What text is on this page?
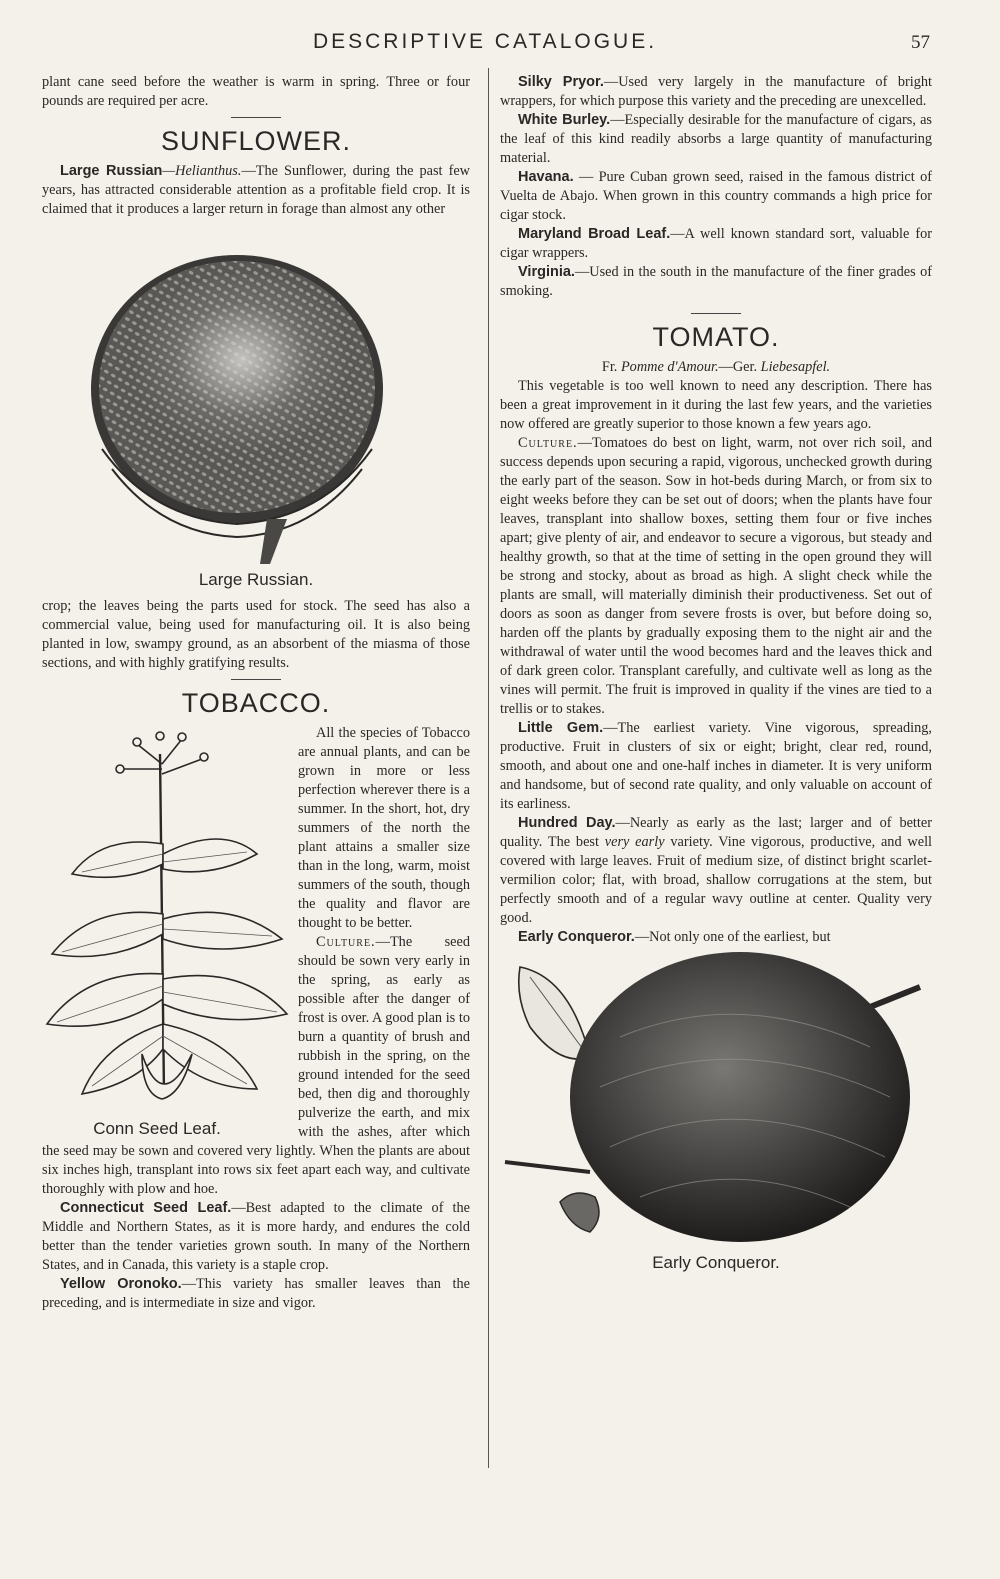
DESCRIPTIVE CATALOGUE.	57

plant cane seed before the weather is warm in spring. Three or four pounds are required per acre.

SUNFLOWER.

Large Russian—Helianthus.—The Sunflower, during the past few years, has attracted considerable attention as a profitable field crop. It is claimed that it produces a larger return in forage than almost any other

Large Russian.

crop; the leaves being the parts used for stock. The seed has also a commercial value, being used for manufacturing oil. It is also being planted in low, swampy ground, as an absorbent of the miasma of those sections, and with highly gratifying results.

TOBACCO.
Conn Seed Leaf.

All the species of Tobacco are annual plants, and can be grown in more or less perfection wherever there is a summer. In the short, hot, dry summers of the north the plant attains a smaller size than in the long, warm, moist summers of the south, though the quality and flavor are thought to be better.

Culture.—The seed should be sown very early in the spring, as early as possible after the danger of frost is over. A good plan is to burn a quantity of brush and rubbish in the spring, on the ground intended for the seed bed, then dig and thoroughly pulverize the earth, and mix with the ashes, after which the seed may be sown and covered very lightly. When the plants are about six inches high, transplant into rows six feet apart each way, and cultivate thoroughly with plow and hoe.

Connecticut Seed Leaf.—Best adapted to the climate of the Middle and Northern States, as it is more hardy, and endures the cold better than the tender varieties grown south. In many of the Northern States, and in Canada, this variety is a staple crop.

Yellow Oronoko.—This variety has smaller leaves than the preceding, and is intermediate in size and vigor.

Silky Pryor.—Used very largely in the manufacture of bright wrappers, for which purpose this variety and the preceding are unexcelled.

White Burley.—Especially desirable for the manufacture of cigars, as the leaf of this kind readily absorbs a large quantity of manufacturing material.

Havana. — Pure Cuban grown seed, raised in the famous district of Vuelta de Abajo. When grown in this country commands a high price for cigar stock.

Maryland Broad Leaf.—A well known standard sort, valuable for cigar wrappers.

Virginia.—Used in the south in the manufacture of the finer grades of smoking.

TOMATO.

Fr. Pomme d'Amour.—Ger. Liebesapfel.

This vegetable is too well known to need any description. There has been a great improvement in it during the last few years, and the varieties now offered are greatly superior to those known a few years ago.

Culture.—Tomatoes do best on light, warm, not over rich soil, and success depends upon securing a rapid, vigorous, unchecked growth during the early part of the season. Sow in hot-beds during March, or from six to eight weeks before they can be set out of doors; when the plants have four leaves, transplant into shallow boxes, setting them four or five inches apart; give plenty of air, and endeavor to secure a vigorous, but steady and healthy growth, so that at the time of setting in the open ground they will be strong and stocky, about as broad as high. A slight check while the plants are small, will materially diminish their productiveness. Set out of doors as soon as danger from severe frosts is over, but before doing so, harden off the plants by gradually exposing them to the night air and the withdrawal of water until the wood becomes hard and the leaves thick and of dark green color. Transplant carefully, and cultivate well as long as the vines will permit. The fruit is improved in quality if the vines are tied to a trellis or to stakes.

Little Gem.—The earliest variety. Vine vigorous, spreading, productive. Fruit in clusters of six or eight; bright, clear red, round, smooth, and about one and one-half inches in diameter. It is very uniform and handsome, but of second rate quality, and only valuable on account of its earliness.

Hundred Day.—Nearly as early as the last; larger and of better quality. The best very early variety. Vine vigorous, productive, and well covered with large leaves. Fruit of medium size, of distinct bright scarlet-vermilion color; flat, with broad, shallow corrugations at the stem, but perfectly smooth and of a regular wavy outline at center. Quality very good.

Early Conqueror.—Not only one of the earliest, but

Early Conqueror.
